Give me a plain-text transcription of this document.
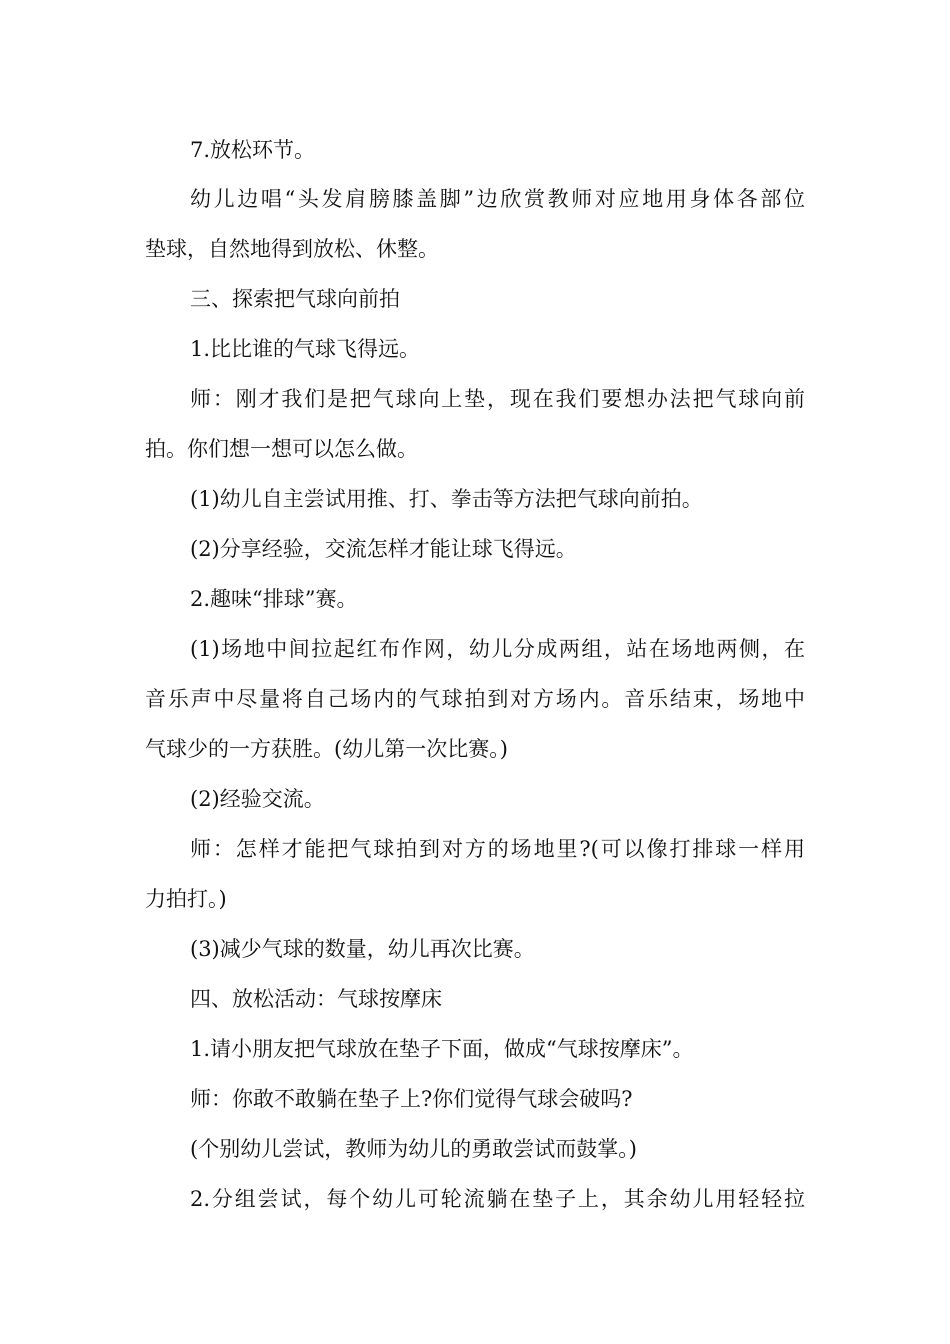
7.放松环节。
幼儿边唱“头发肩膀膝盖脚”边欣赏教师对应地用身体各部位
垫球，自然地得到放松、休整。
三、探索把气球向前拍
1.比比谁的气球飞得远。
师：刚才我们是把气球向上垫，现在我们要想办法把气球向前
拍。你们想一想可以怎么做。
(1)幼儿自主尝试用推、打、拳击等方法把气球向前拍。
(2)分享经验，交流怎样才能让球飞得远。
2.趣味“排球”赛。
(1)场地中间拉起红布作网，幼儿分成两组，站在场地两侧，在
音乐声中尽量将自己场内的气球拍到对方场内。音乐结束，场地中
气球少的一方获胜。(幼儿第一次比赛。)
(2)经验交流。
师：怎样才能把气球拍到对方的场地里?(可以像打排球一样用
力拍打。)
(3)减少气球的数量，幼儿再次比赛。
四、放松活动：气球按摩床
1.请小朋友把气球放在垫子下面，做成“气球按摩床”。
师：你敢不敢躺在垫子上?你们觉得气球会破吗?
(个别幼儿尝试，教师为幼儿的勇敢尝试而鼓掌。)
2.分组尝试，每个幼儿可轮流躺在垫子上，其余幼儿用轻轻拉
